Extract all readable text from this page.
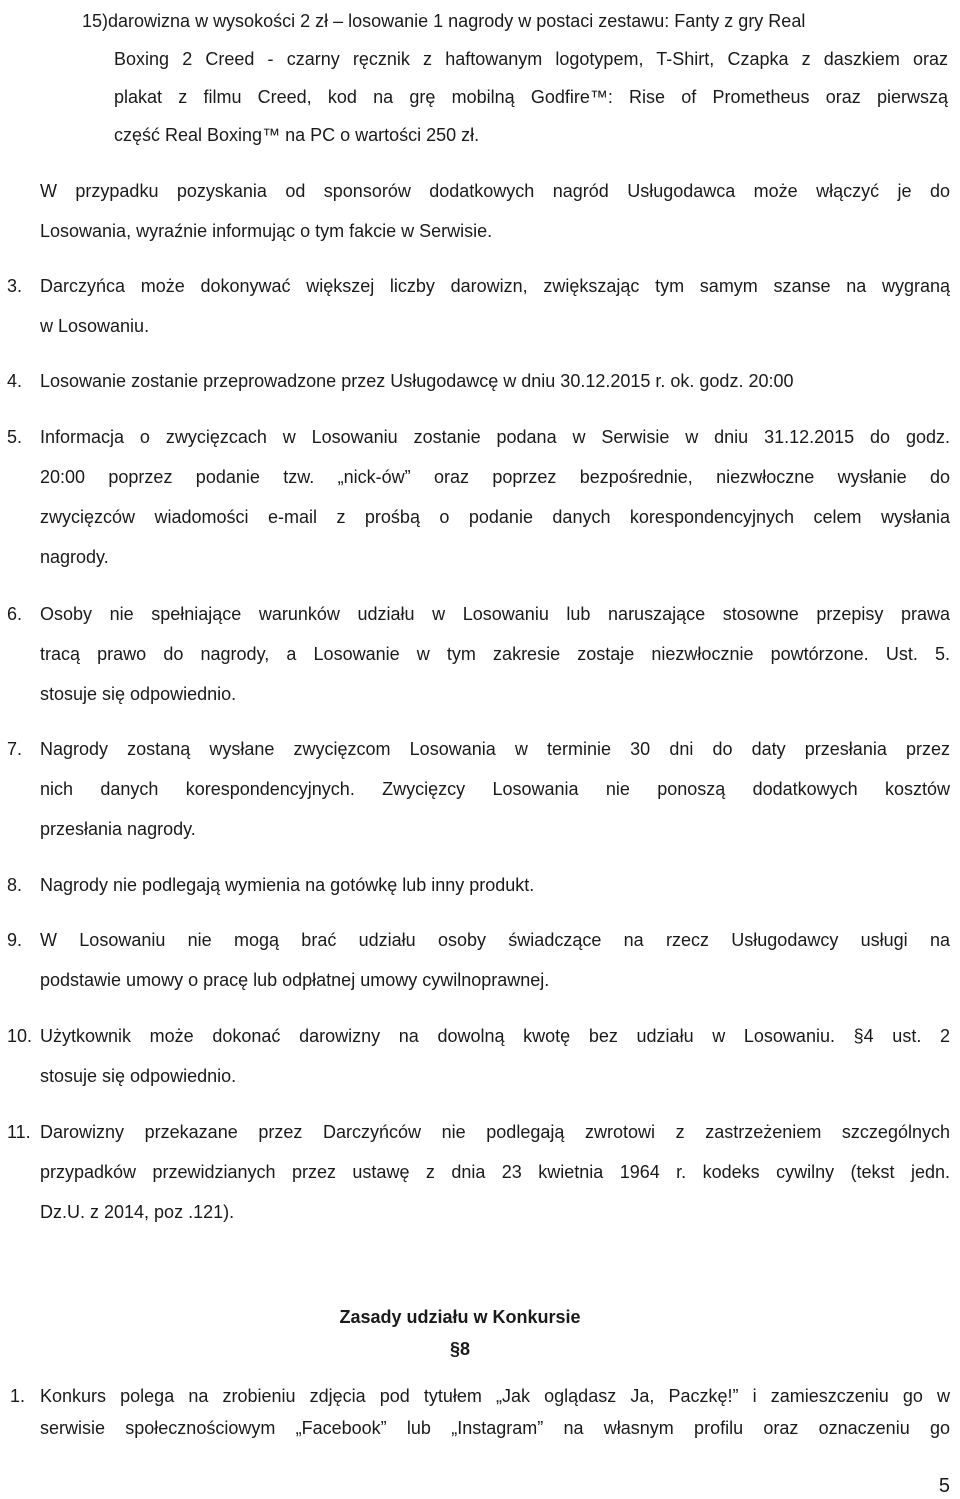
15)darowizna w wysokości 2 zł – losowanie 1 nagrody w postaci zestawu: Fanty z gry Real
Boxing 2 Creed - czarny ręcznik z haftowanym logotypem, T-Shirt, Czapka z daszkiem oraz
plakat z filmu Creed, kod na grę mobilną Godfire™: Rise of Prometheus oraz pierwszą
część Real Boxing™ na PC o wartości 250 zł.
W przypadku pozyskania od sponsorów dodatkowych nagród Usługodawca może włączyć je do
Losowania, wyraźnie informując o tym fakcie w Serwisie.
3. Darczyńca może dokonywać większej liczby darowizn, zwiększając tym samym szanse na wygraną
w Losowaniu.
4. Losowanie zostanie przeprowadzone przez Usługodawcę w dniu 30.12.2015 r. ok. godz. 20:00
5. Informacja o zwycięzcach w Losowaniu zostanie podana w Serwisie w dniu 31.12.2015 do godz.
20:00 poprzez podanie tzw. „nick-ów” oraz poprzez bezpośrednie, niezwłoczne wysłanie do
zwycięzców wiadomości e-mail z prośbą o podanie danych korespondencyjnych celem wysłania
nagrody.
6. Osoby nie spełniające warunków udziału w Losowaniu lub naruszające stosowne przepisy prawa
tracą prawo do nagrody, a Losowanie w tym zakresie zostaje niezwłocznie powtórzone. Ust. 5.
stosuje się odpowiednio.
7. Nagrody zostaną wysłane zwycięzcom Losowania w terminie 30 dni do daty przesłania przez
nich danych korespondencyjnych. Zwycięzcy Losowania nie ponoszą dodatkowych kosztów
przesłania nagrody.
8. Nagrody nie podlegają wymienia na gotówkę lub inny produkt.
9. W Losowaniu nie mogą brać udziału osoby świadczące na rzecz Usługodawcy usługi na
podstawie umowy o pracę lub odpłatnej umowy cywilnoprawnej.
10. Użytkownik może dokonać darowizny na dowolną kwotę bez udziału w Losowaniu. §4 ust. 2
stosuje się odpowiednio.
11. Darowizny przekazane przez Darczyńców nie podlegają zwrotowi z zastrzeżeniem szczególnych
przypadków przewidzianych przez ustawę z dnia 23 kwietnia 1964 r. kodeks cywilny (tekst jedn.
Dz.U. z 2014, poz .121).
Zasady udziału w Konkursie
§8
1. Konkurs polega na zrobieniu zdjęcia pod tytułem „Jak oglądasz Ja, Paczkę!” i zamieszczeniu go w
serwisie społecznościowym „Facebook” lub „Instagram” na własnym profilu oraz oznaczeniu go
5
